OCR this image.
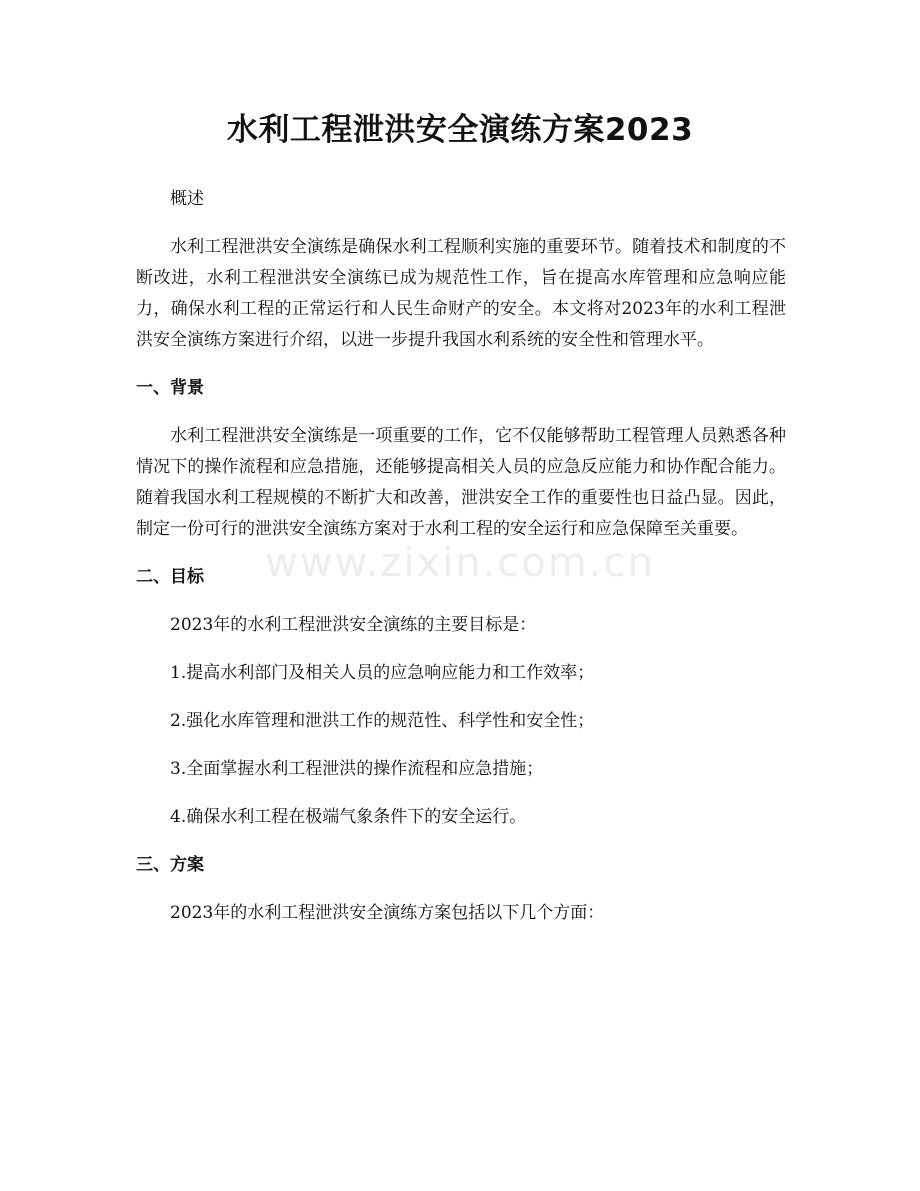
水利工程泄洪安全演练方案2023

概述

水利工程泄洪安全演练是确保水利工程顺利实施的重要环节。随着技术和制度的不断改进，水利工程泄洪安全演练已成为规范性工作，旨在提高水库管理和应急响应能力，确保水利工程的正常运行和人民生命财产的安全。本文将对2023年的水利工程泄洪安全演练方案进行介绍，以进一步提升我国水利系统的安全性和管理水平。

一、背景

水利工程泄洪安全演练是一项重要的工作，它不仅能够帮助工程管理人员熟悉各种情况下的操作流程和应急措施，还能够提高相关人员的应急反应能力和协作配合能力。随着我国水利工程规模的不断扩大和改善，泄洪安全工作的重要性也日益凸显。因此，制定一份可行的泄洪安全演练方案对于水利工程的安全运行和应急保障至关重要。

二、目标

2023年的水利工程泄洪安全演练的主要目标是：

1.提高水利部门及相关人员的应急响应能力和工作效率；

2.强化水库管理和泄洪工作的规范性、科学性和安全性；

3.全面掌握水利工程泄洪的操作流程和应急措施；

4.确保水利工程在极端气象条件下的安全运行。

三、方案

2023年的水利工程泄洪安全演练方案包括以下几个方面：

www.zixin.com.cn
